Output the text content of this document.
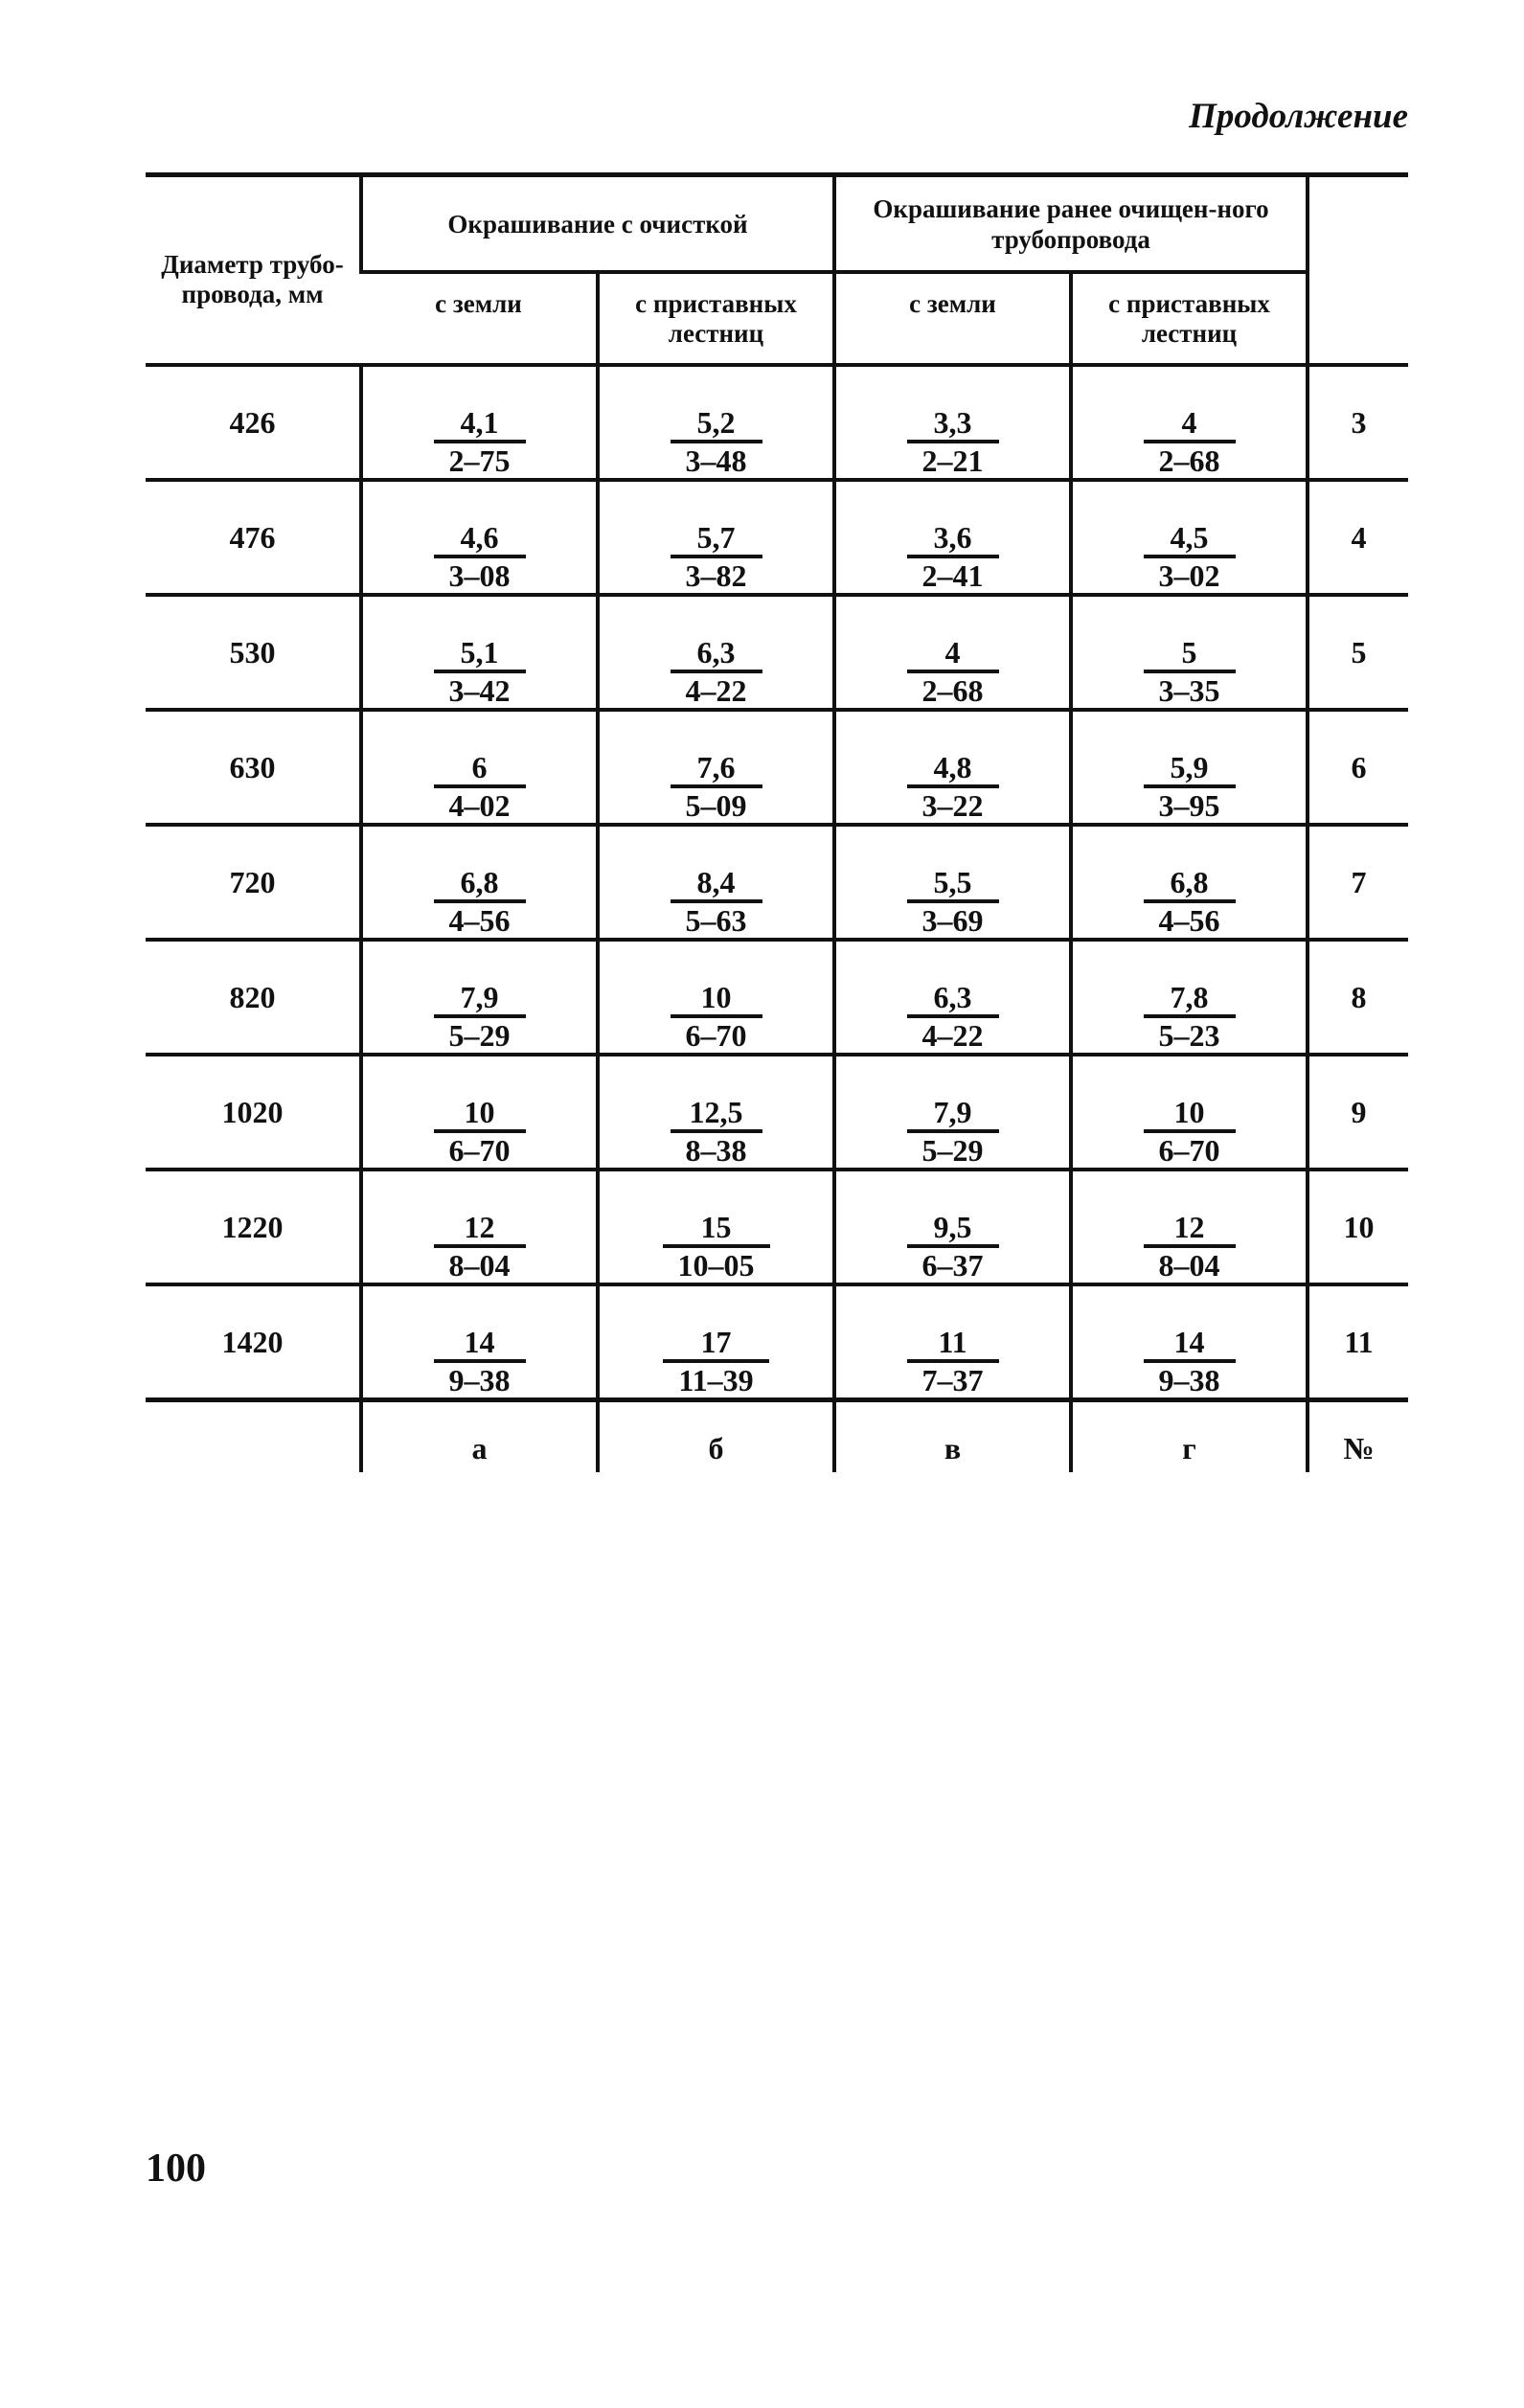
Продолжение
Диаметр трубо-провода, мм	Окрашивание с очисткой		Окрашивание ранее очищен-ного трубопровода		
	с земли	с приставных лестниц	с земли	с приставных лестниц	
426	$\frac{4,1}{2-75}$	$\frac{5,2}{3-48}$	$\frac{3,3}{2-21}$	$\frac{4}{2-68}$	3
476	$\frac{4,6}{3-08}$	$\frac{5,7}{3-82}$	$\frac{3,6}{2-41}$	$\frac{4,5}{3-02}$	4
530	$\frac{5,1}{3-42}$	$\frac{6,3}{4-22}$	$\frac{4}{2-68}$	$\frac{5}{3-35}$	5
630	$\frac{6}{4-02}$	$\frac{7,6}{5-09}$	$\frac{4,8}{3-22}$	$\frac{5,9}{3-95}$	6
720	$\frac{6,8}{4-56}$	$\frac{8,4}{5-63}$	$\frac{5,5}{3-69}$	$\frac{6,8}{4-56}$	7
820	$\frac{7,9}{5-29}$	$\frac{10}{6-70}$	$\frac{6,3}{4-22}$	$\frac{7,8}{5-23}$	8
1020	$\frac{10}{6-70}$	$\frac{12,5}{8-38}$	$\frac{7,9}{5-29}$	$\frac{10}{6-70}$	9
1220	$\frac{12}{8-04}$	$\frac{15}{10-05}$	$\frac{9,5}{6-37}$	$\frac{12}{8-04}$	10
1420	$\frac{14}{9-38}$	$\frac{17}{11-39}$	$\frac{11}{7-37}$	$\frac{14}{9-38}$	11
	а	б	в	г	№
100
